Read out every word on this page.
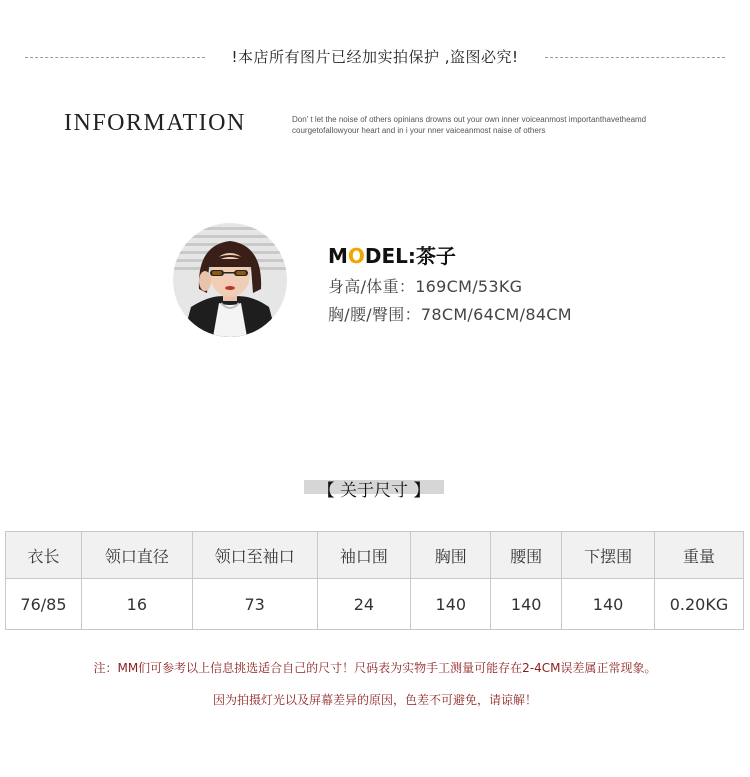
!本店所有图片已经加实拍保护 ,盗图必究!
INFORMATION	Don’ t let the noise of others opinians drowns out your own inner voiceanmost importanthavetheamd
courgetofallowyour heart and in i your nner vaiceanmost naise of others
MODEL:茶子
身高/体重：169CM/53KG
胸/腰/臀围：78CM/64CM/84CM
【 关于尺寸 】
衣长	领口直径	领口至袖口	袖口围	胸围	腰围	下摆围	重量
76/85	16	73	24	140	140	140	0.20KG
注：MM们可参考以上信息挑选适合自己的尺寸！尺码表为实物手工测量可能存在2-4CM误差属正常现象。
因为拍摄灯光以及屏幕差异的原因，色差不可避免，请谅解！
